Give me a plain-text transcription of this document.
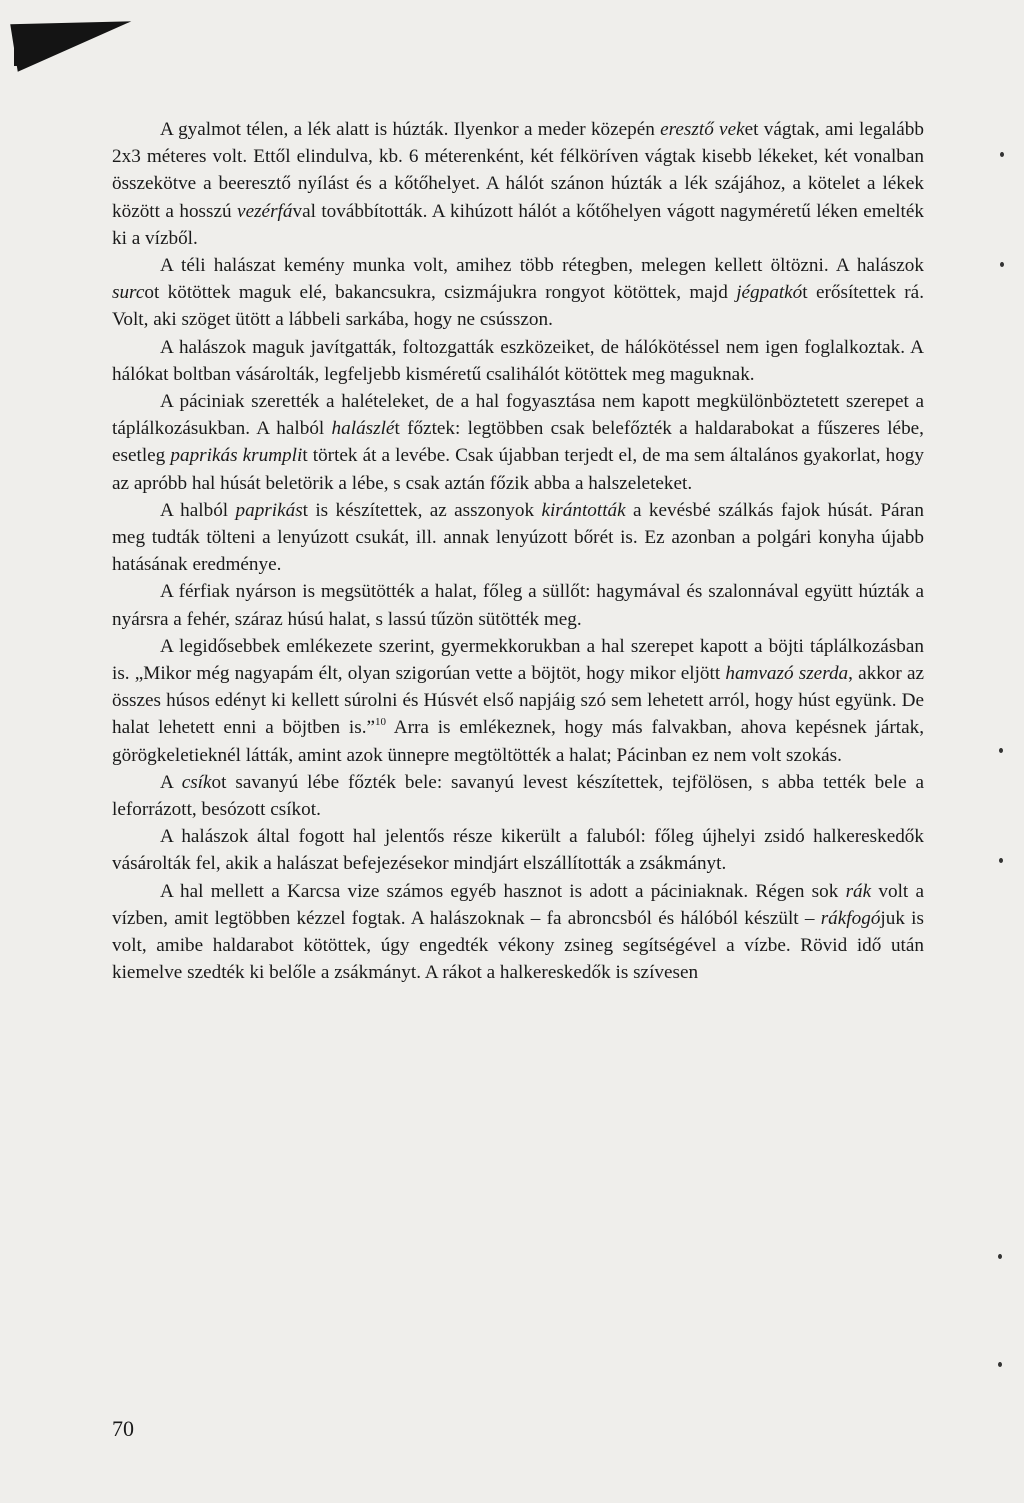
A gyalmot télen, a lék alatt is húzták. Ilyenkor a meder közepén eresztő veket vágtak, ami legalább 2x3 méteres volt. Ettől elindulva, kb. 6 méterenként, két félköríven vágtak kisebb lékeket, két vonalban összekötve a beeresztő nyílást és a kőtőhelyet. A hálót szánon húzták a lék szájához, a kötelet a lékek között a hosszú vezérfával továbbították. A kihúzott hálót a kőtőhelyen vágott nagyméretű léken emelték ki a vízből.

A téli halászat kemény munka volt, amihez több rétegben, melegen kellett öltözni. A halászok surcot kötöttek maguk elé, bakancsukra, csizmájukra rongyot kötöttek, majd jégpatkót erősítettek rá. Volt, aki szöget ütött a lábbeli sarkába, hogy ne csússzon.

A halászok maguk javítgatták, foltozgatták eszközeiket, de hálókötéssel nem igen foglalkoztak. A hálókat boltban vásárolták, legfeljebb kisméretű csalihálót kötöttek meg maguknak.

A páciniak szerették a halételeket, de a hal fogyasztása nem kapott megkülönböztetett szerepet a táplálkozásukban. A halból halászlét főztek: legtöbben csak belefőzték a haldarabokat a fűszeres lébe, esetleg paprikás krumplit törtek át a levébe. Csak újabban terjedt el, de ma sem általános gyakorlat, hogy az apróbb hal húsát beletörik a lébe, s csak aztán főzik abba a halszeleteket.

A halból paprikást is készítettek, az asszonyok kirántották a kevésbé szálkás fajok húsát. Páran meg tudták tölteni a lenyúzott csukát, ill. annak lenyúzott bőrét is. Ez azonban a polgári konyha újabb hatásának eredménye.

A férfiak nyárson is megsütötték a halat, főleg a süllőt: hagymával és szalonnával együtt húzták a nyársra a fehér, száraz húsú halat, s lassú tűzön sütötték meg.

A legidősebbek emlékezete szerint, gyermekkorukban a hal szerepet kapott a böjti táplálkozásban is. „Mikor még nagyapám élt, olyan szigorúan vette a böjtöt, hogy mikor eljött hamvazó szerda, akkor az összes húsos edényt ki kellett súrolni és Húsvét első napjáig szó sem lehetett arról, hogy húst együnk. De halat lehetett enni a böjtben is.”$^{10}$ Arra is emlékeznek, hogy más falvakban, ahova kepésnek jártak, görögkeletieknél látták, amint azok ünnepre megtöltötték a halat; Pácinban ez nem volt szokás.

A csíkot savanyú lébe főzték bele: savanyú levest készítettek, tejfölösen, s abba tették bele a leforrázott, besózott csíkot.

A halászok által fogott hal jelentős része kikerült a faluból: főleg újhelyi zsidó halkereskedők vásárolták fel, akik a halászat befejezésekor mindjárt elszállították a zsákmányt.

A hal mellett a Karcsa vize számos egyéb hasznot is adott a páciniaknak. Régen sok rák volt a vízben, amit legtöbben kézzel fogtak. A halászoknak – fa abroncsból és hálóból készült – rákfogójuk is volt, amibe haldarabot kötöttek, úgy engedték vékony zsineg segítségével a vízbe. Rövid idő után kiemelve szedték ki belőle a zsákmányt. A rákot a halkereskedők is szívesen

70
